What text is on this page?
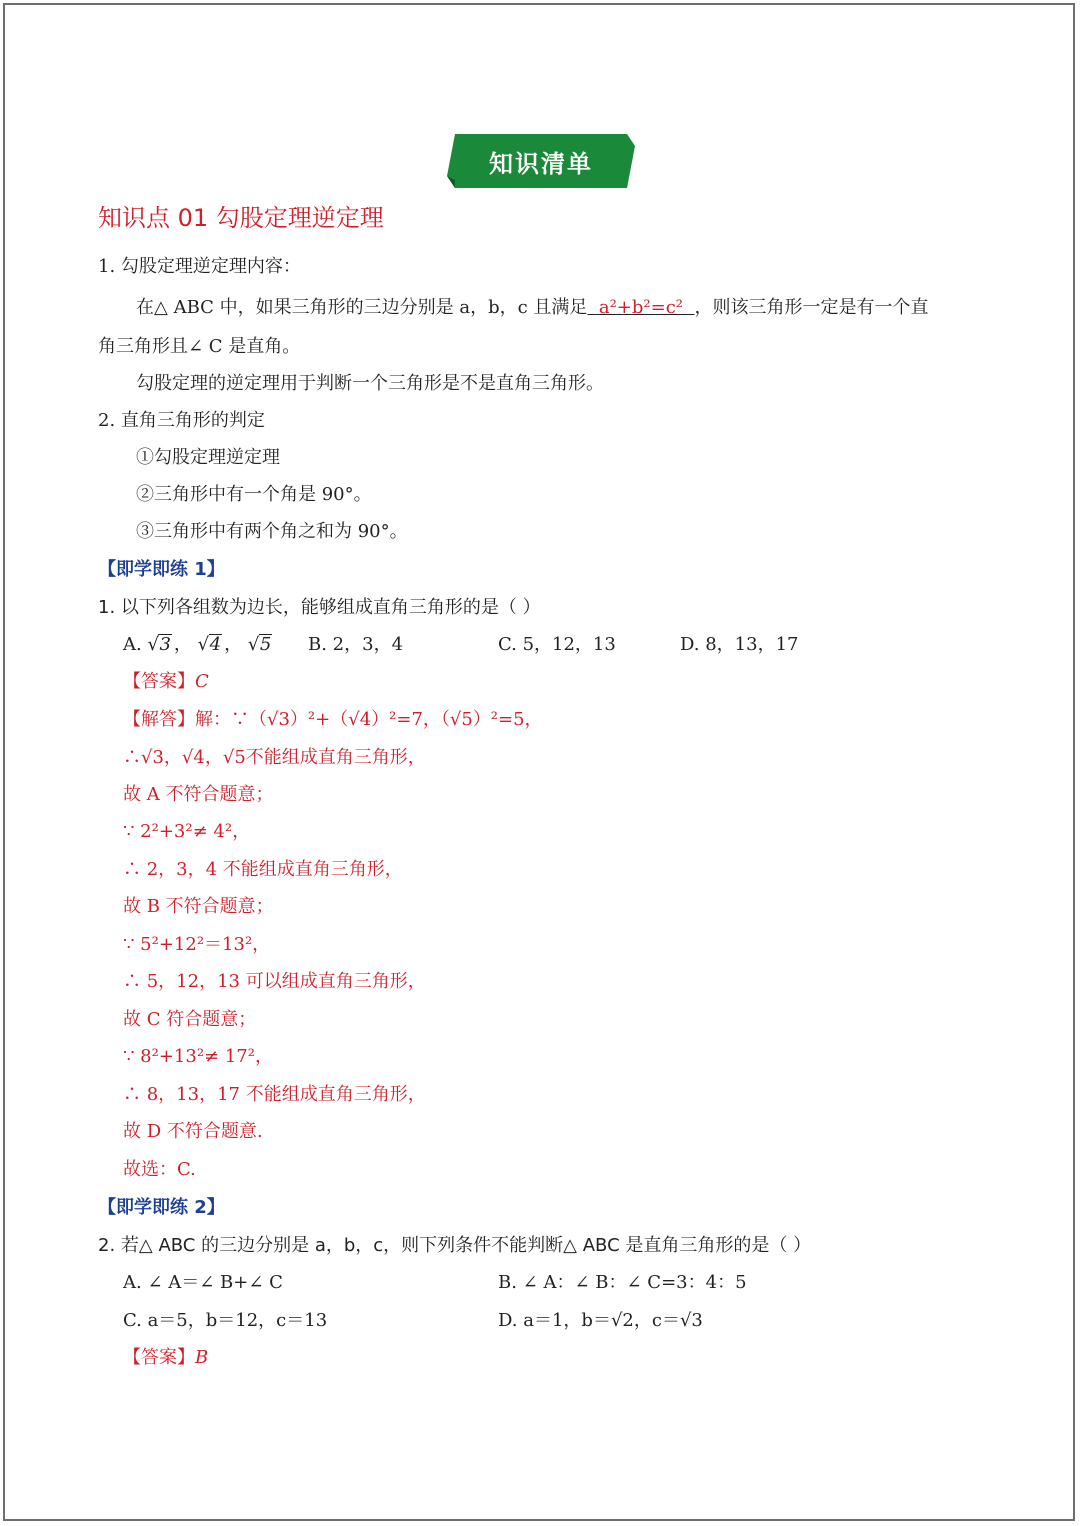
知识清单
知识点 01 勾股定理逆定理
1. 勾股定理逆定理内容：
在△ ABC 中，如果三角形的三边分别是 a，b，c 且满足 a²+b²=c² ，则该三角形一定是有一个直
角三角形且∠ C 是直角。
勾股定理的逆定理用于判断一个三角形是不是直角三角形。
2. 直角三角形的判定
①勾股定理逆定理
②三角形中有一个角是 90°。
③三角形中有两个角之和为 90°。
【即学即练 1】
1. 以下列各组数为边长，能够组成直角三角形的是（ ）
A. √ 3 ， √ 4 ， √ 5 B. 2，3，4	C. 5，12，13	D. 8，13，17
【答案】C
【解答】解：∵（√3）²+（√4）²=7，（√5）²=5，
∴√3，√4，√5不能组成直角三角形，
故 A 不符合题意；
∵ 2²+3²≠ 4²，
∴ 2，3，4 不能组成直角三角形，
故 B 不符合题意；
∵ 5²+12²＝13²，
∴ 5，12，13 可以组成直角三角形，
故 C 符合题意；
∵ 8²+13²≠ 17²，
∴ 8，13，17 不能组成直角三角形，
故 D 不符合题意.
故选：C.
【即学即练 2】
2. 若△ ABC 的三边分别是 a，b，c，则下列条件不能判断△ ABC 是直角三角形的是（ ）
A. ∠ A＝∠ B+∠ C	B. ∠ A：∠ B：∠ C=3：4：5
C. a＝5，b＝12，c＝13	D. a＝1，b＝√2，c＝√3
【答案】B
